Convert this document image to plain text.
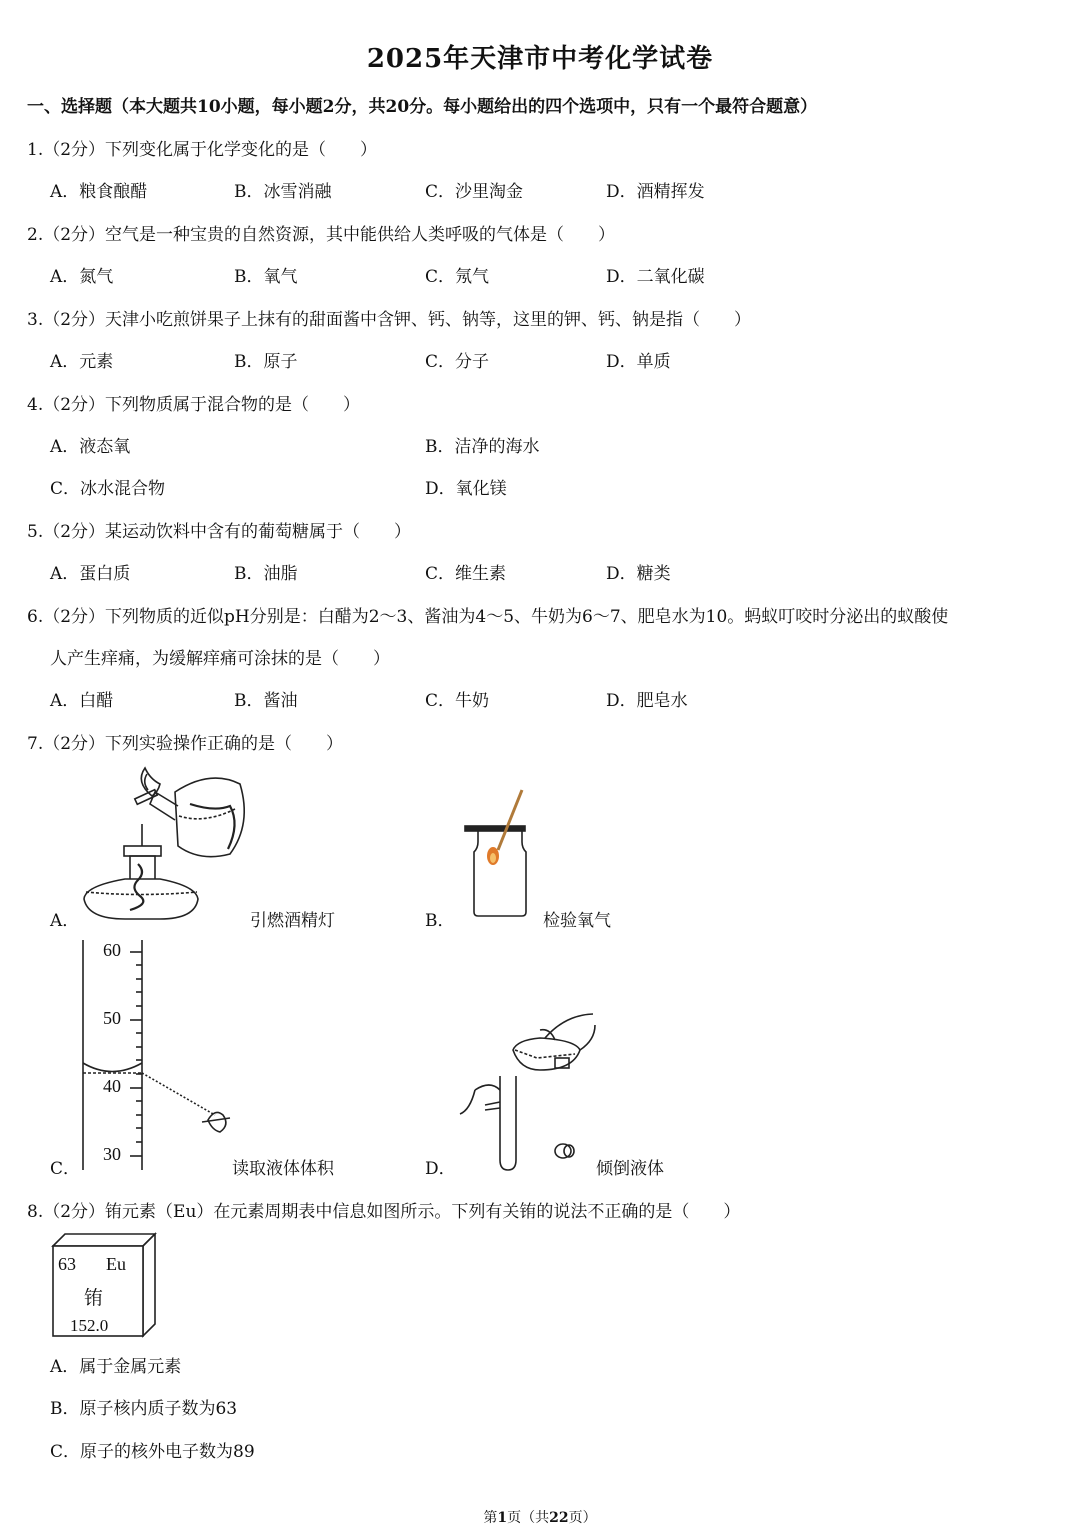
2025年天津市中考化学试卷
一、选择题（本大题共10小题，每小题2分，共20分。每小题给出的四个选项中，只有一个最符合题意）
1.（2分）下列变化属于化学变化的是（　　）
A．粮食酿醋	B．冰雪消融	C．沙里淘金	D．酒精挥发
2.（2分）空气是一种宝贵的自然资源，其中能供给人类呼吸的气体是（　　）
A．氮气	B．氧气	C．氖气	D．二氧化碳
3.（2分）天津小吃煎饼果子上抹有的甜面酱中含钾、钙、钠等，这里的钾、钙、钠是指（　　）
A．元素	B．原子	C．分子	D．单质
4.（2分）下列物质属于混合物的是（　　）
A．液态氧	B．洁净的海水
C．冰水混合物	D．氧化镁
5.（2分）某运动饮料中含有的葡萄糖属于（　　）
A．蛋白质	B．油脂	C．维生素	D．糖类
6.（2分）下列物质的近似pH分别是：白醋为2～3、酱油为4～5、牛奶为6～7、肥皂水为10。蚂蚁叮咬时分泌出的蚁酸使
人产生痒痛，为缓解痒痛可涂抹的是（　　）
A．白醋	B．酱油	C．牛奶	D．肥皂水
7.（2分）下列实验操作正确的是（　　）
A．	引燃酒精灯	B．	检验氧气
60
50
40
30
C．	读取液体体积	D．	倾倒液体
8.（2分）铕元素（Eu）在元素周期表中信息如图所示。下列有关铕的说法不正确的是（　　）
63 Eu
铕
152.0
A．属于金属元素
B．原子核内质子数为63
C．原子的核外电子数为89
第1页（共22页）
